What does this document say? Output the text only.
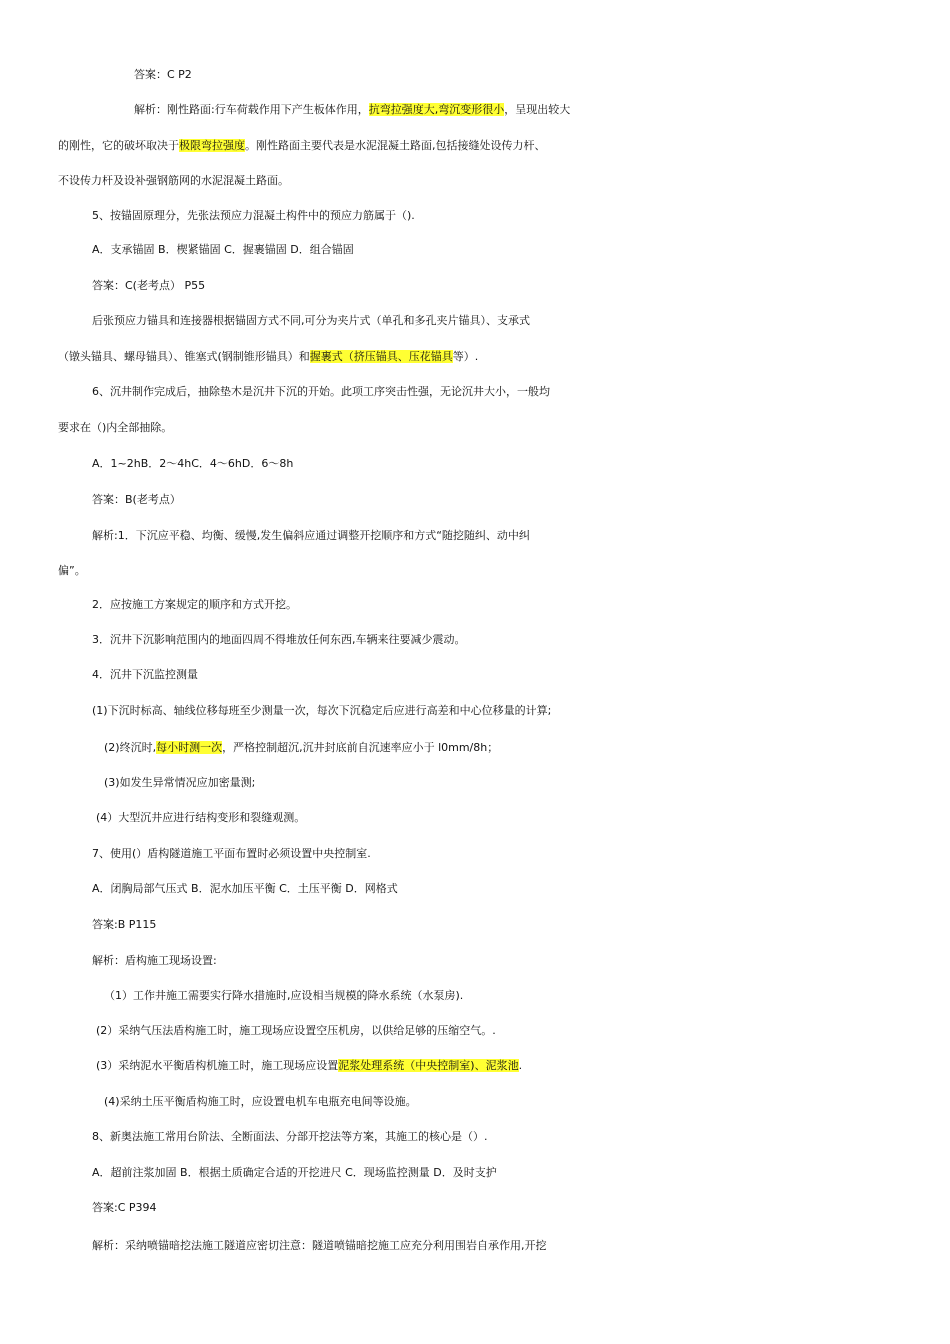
答案：C P2
解析：刚性路面:行车荷载作用下产生板体作用，抗弯拉强度大,弯沉变形很小，呈现出较大
的刚性，它的破坏取决于极限弯拉强度。刚性路面主要代表是水泥混凝土路面,包括接缝处设传力杆、
不设传力杆及设补强钢筋网的水泥混凝土路面。
5、按锚固原理分，先张法预应力混凝土构件中的预应力筋属于（).
A．支承锚固 B．楔紧锚固 C．握裹锚固 D．组合锚固
答案：C(老考点） P55
后张预应力锚具和连接器根据锚固方式不同,可分为夹片式（单孔和多孔夹片锚具）、支承式
（镦头锚具、螺母锚具）、锥塞式(钢制锥形锚具）和握裹式（挤压锚具、压花锚具等）.
6、沉井制作完成后，抽除垫木是沉井下沉的开始。此项工序突击性强，无论沉井大小，一般均
要求在（)内全部抽除。
A．1~2hB．2～4hC．4～6hD．6～8h
答案：B(老考点）
解析:1．下沉应平稳、均衡、缓慢,发生偏斜应通过调整开挖顺序和方式“随挖随纠、动中纠
偏”。
2．应按施工方案规定的顺序和方式开挖。
3．沉井下沉影响范围内的地面四周不得堆放任何东西,车辆来往要减少震动。
4．沉井下沉监控测量
(1)下沉时标高、轴线位移每班至少测量一次，每次下沉稳定后应进行高差和中心位移量的计算;
(2)终沉时,每小时测一次，严格控制超沉,沉井封底前自沉速率应小于 l0mm/8h；
(3)如发生异常情况应加密量测;
(4）大型沉井应进行结构变形和裂缝观测。
7、使用(）盾构隧道施工平面布置时必须设置中央控制室.
A．闭胸局部气压式 B．泥水加压平衡 C．土压平衡 D．网格式
答案:B P115
解析：盾构施工现场设置:
（1）工作井施工需要实行降水措施时,应设相当规模的降水系统（水泵房).
(2）采纳气压法盾构施工时，施工现场应设置空压机房，以供给足够的压缩空气。.
(3）采纳泥水平衡盾构机施工时，施工现场应设置泥浆处理系统（中央控制室)、泥浆池.
(4)采纳土压平衡盾构施工时，应设置电机车电瓶充电间等设施。
8、新奥法施工常用台阶法、全断面法、分部开挖法等方案，其施工的核心是（）.
A．超前注浆加固 B．根据土质确定合适的开挖进尺 C．现场监控测量 D．及时支护
答案:C P394
解析：采纳喷锚暗挖法施工隧道应密切注意：隧道喷锚暗挖施工应充分利用围岩自承作用,开挖
